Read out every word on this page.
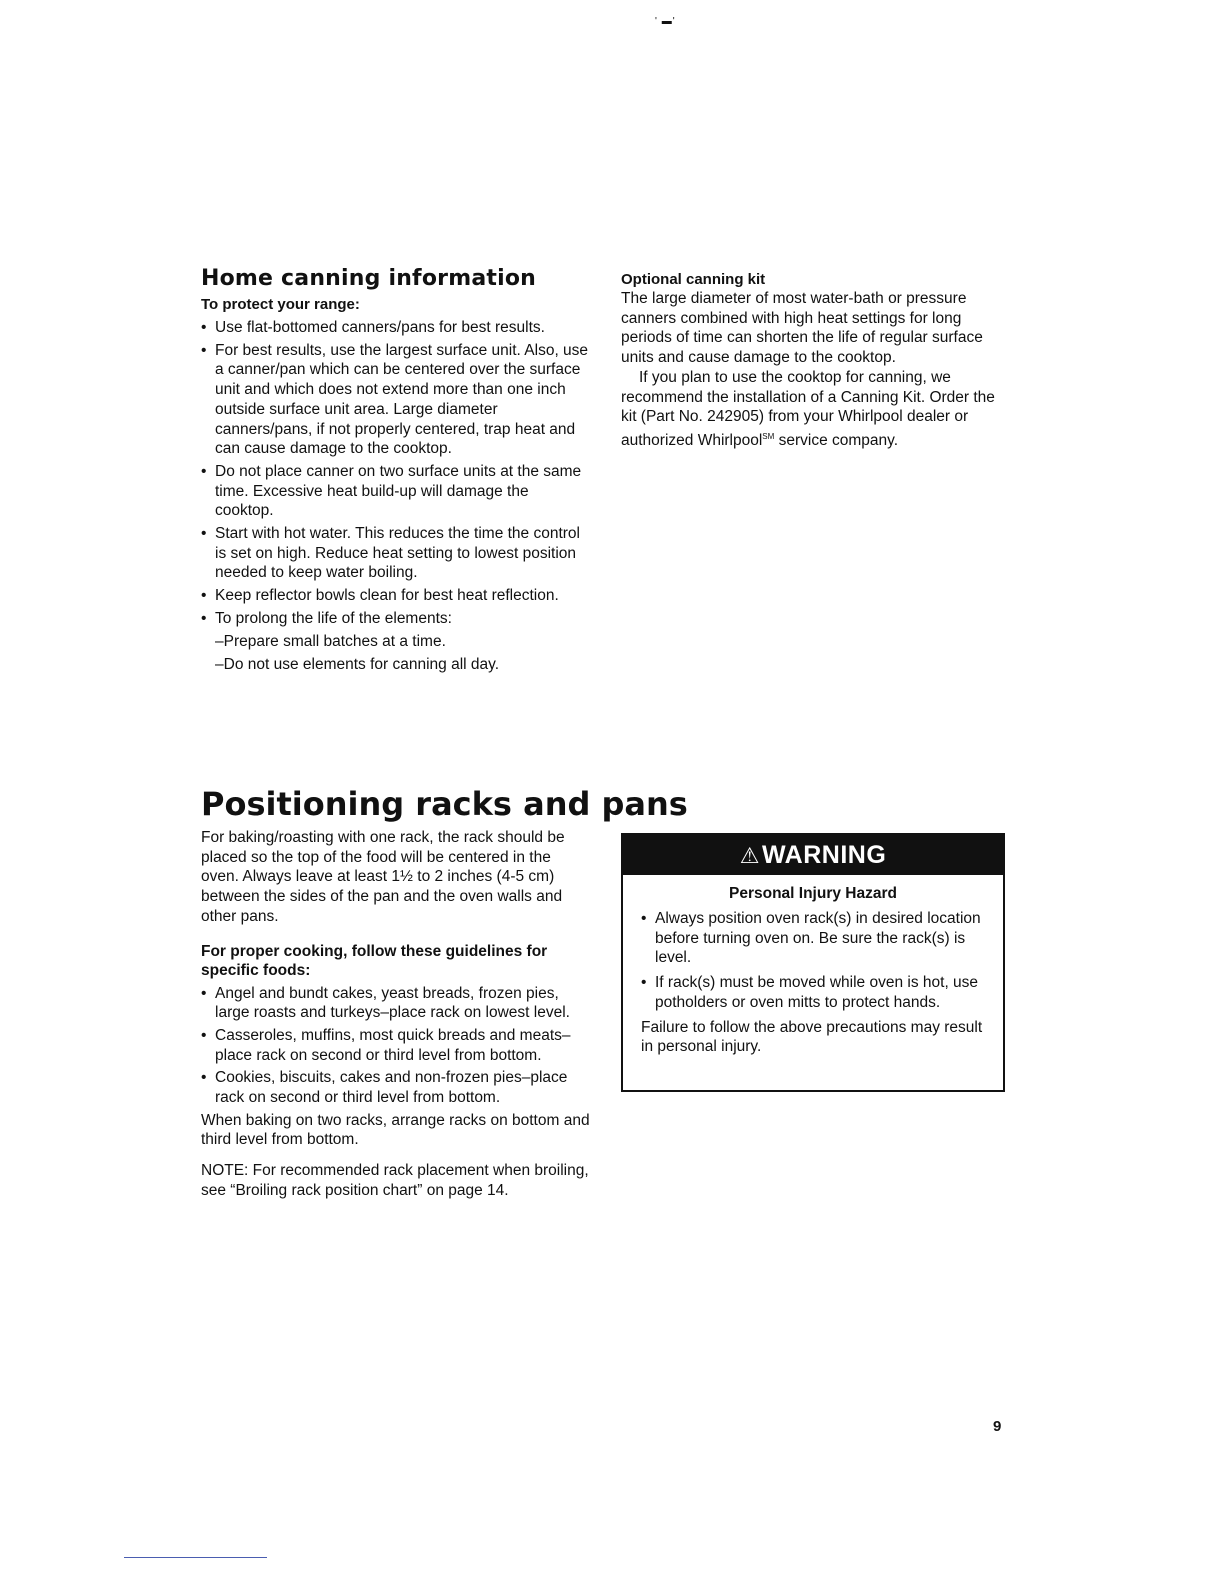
' ▬'
Home canning information
To protect your range:
• Use flat-bottomed canners/pans for best results.
• For best results, use the largest surface unit. Also, use a canner/pan which can be centered over the surface unit and which does not extend more than one inch outside surface unit area. Large diameter canners/pans, if not properly centered, trap heat and can cause damage to the cooktop.
• Do not place canner on two surface units at the same time. Excessive heat build-up will damage the cooktop.
• Start with hot water. This reduces the time the control is set on high. Reduce heat setting to lowest position needed to keep water boiling.
• Keep reflector bowls clean for best heat reflection.
• To prolong the life of the elements:
–Prepare small batches at a time.
–Do not use elements for canning all day.
Optional canning kit

The large diameter of most water-bath or pressure canners combined with high heat settings for long periods of time can shorten the life of regular surface units and cause damage to the cooktop.

If you plan to use the cooktop for canning, we recommend the installation of a Canning Kit. Order the kit (Part No. 242905) from your Whirlpool dealer or authorized Whirlpool℠ service company.

Positioning racks and pans

For baking/roasting with one rack, the rack should be placed so the top of the food will be centered in the oven. Always leave at least 1½ to 2 inches (4-5 cm) between the sides of the pan and the oven walls and other pans.

For proper cooking, follow these guidelines for specific foods:
• Angel and bundt cakes, yeast breads, frozen pies, large roasts and turkeys–place rack on lowest level.
• Casseroles, muffins, most quick breads and meats–place rack on second or third level from bottom.
• Cookies, biscuits, cakes and non-frozen pies–place rack on second or third level from bottom.

When baking on two racks, arrange racks on bottom and third level from bottom.

NOTE: For recommended rack placement when broiling, see “Broiling rack position chart” on page 14.

⚠WARNING
Personal Injury Hazard
• Always position oven rack(s) in desired location before turning oven on. Be sure the rack(s) is level.
• If rack(s) must be moved while oven is hot, use potholders or oven mitts to protect hands.

Failure to follow the above precautions may result in personal injury.

9
